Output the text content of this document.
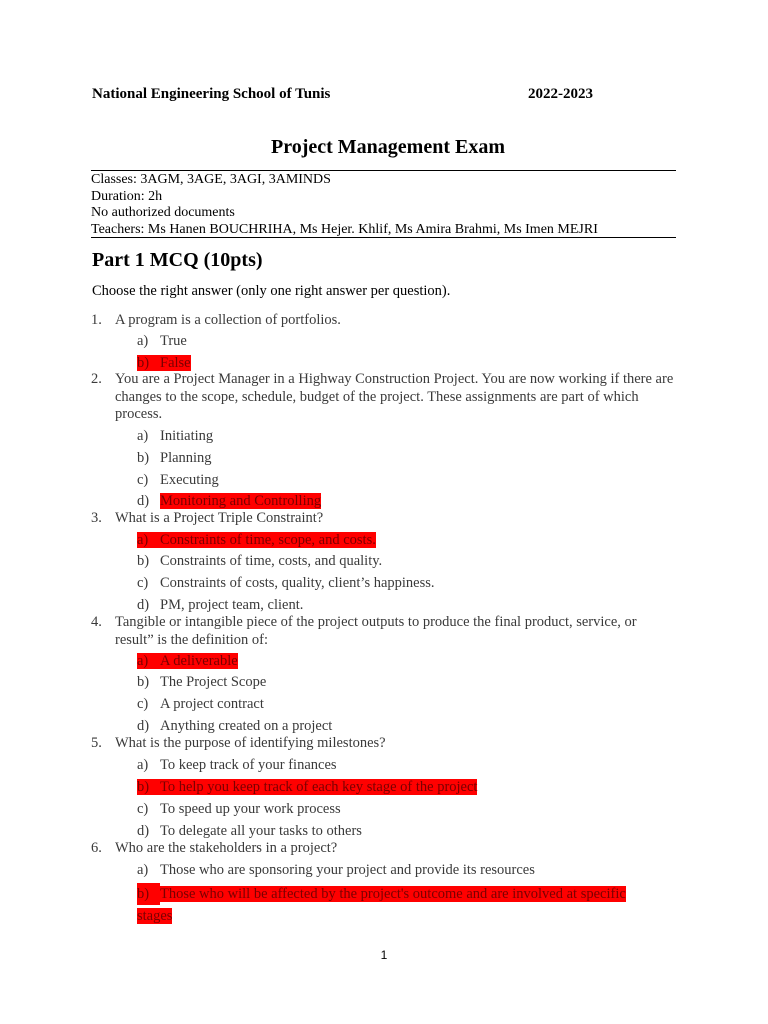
National Engineering School of Tunis	2022-2023
Project Management Exam
Classes: 3AGM, 3AGE, 3AGI, 3AMINDS
Duration: 2h
No authorized documents
Teachers: Ms Hanen BOUCHRIHA, Ms Hejer. Khlif, Ms Amira Brahmi, Ms Imen MEJRI
Part 1 MCQ (10pts)
Choose the right answer (only one right answer per question).
1. A program is a collection of portfolios.
a) True
b) False
2. You are a Project Manager in a Highway Construction Project. You are now working if there are changes to the scope, schedule, budget of the project. These assignments are part of which process.
a) Initiating
b) Planning
c) Executing
d) Monitoring and Controlling
3. What is a Project Triple Constraint?
a) Constraints of time, scope, and costs.
b) Constraints of time, costs, and quality.
c) Constraints of costs, quality, client’s happiness.
d) PM, project team, client.
4. Tangible or intangible piece of the project outputs to produce the final product, service, or result” is the definition of:
a) A deliverable
b) The Project Scope
c) A project contract
d) Anything created on a project
5. What is the purpose of identifying milestones?
a) To keep track of your finances
b) To help you keep track of each key stage of the project
c) To speed up your work process
d) To delegate all your tasks to others
6. Who are the stakeholders in a project?
a) Those who are sponsoring your project and provide its resources
b) Those who will be affected by the project's outcome and are involved at specific stages
1
